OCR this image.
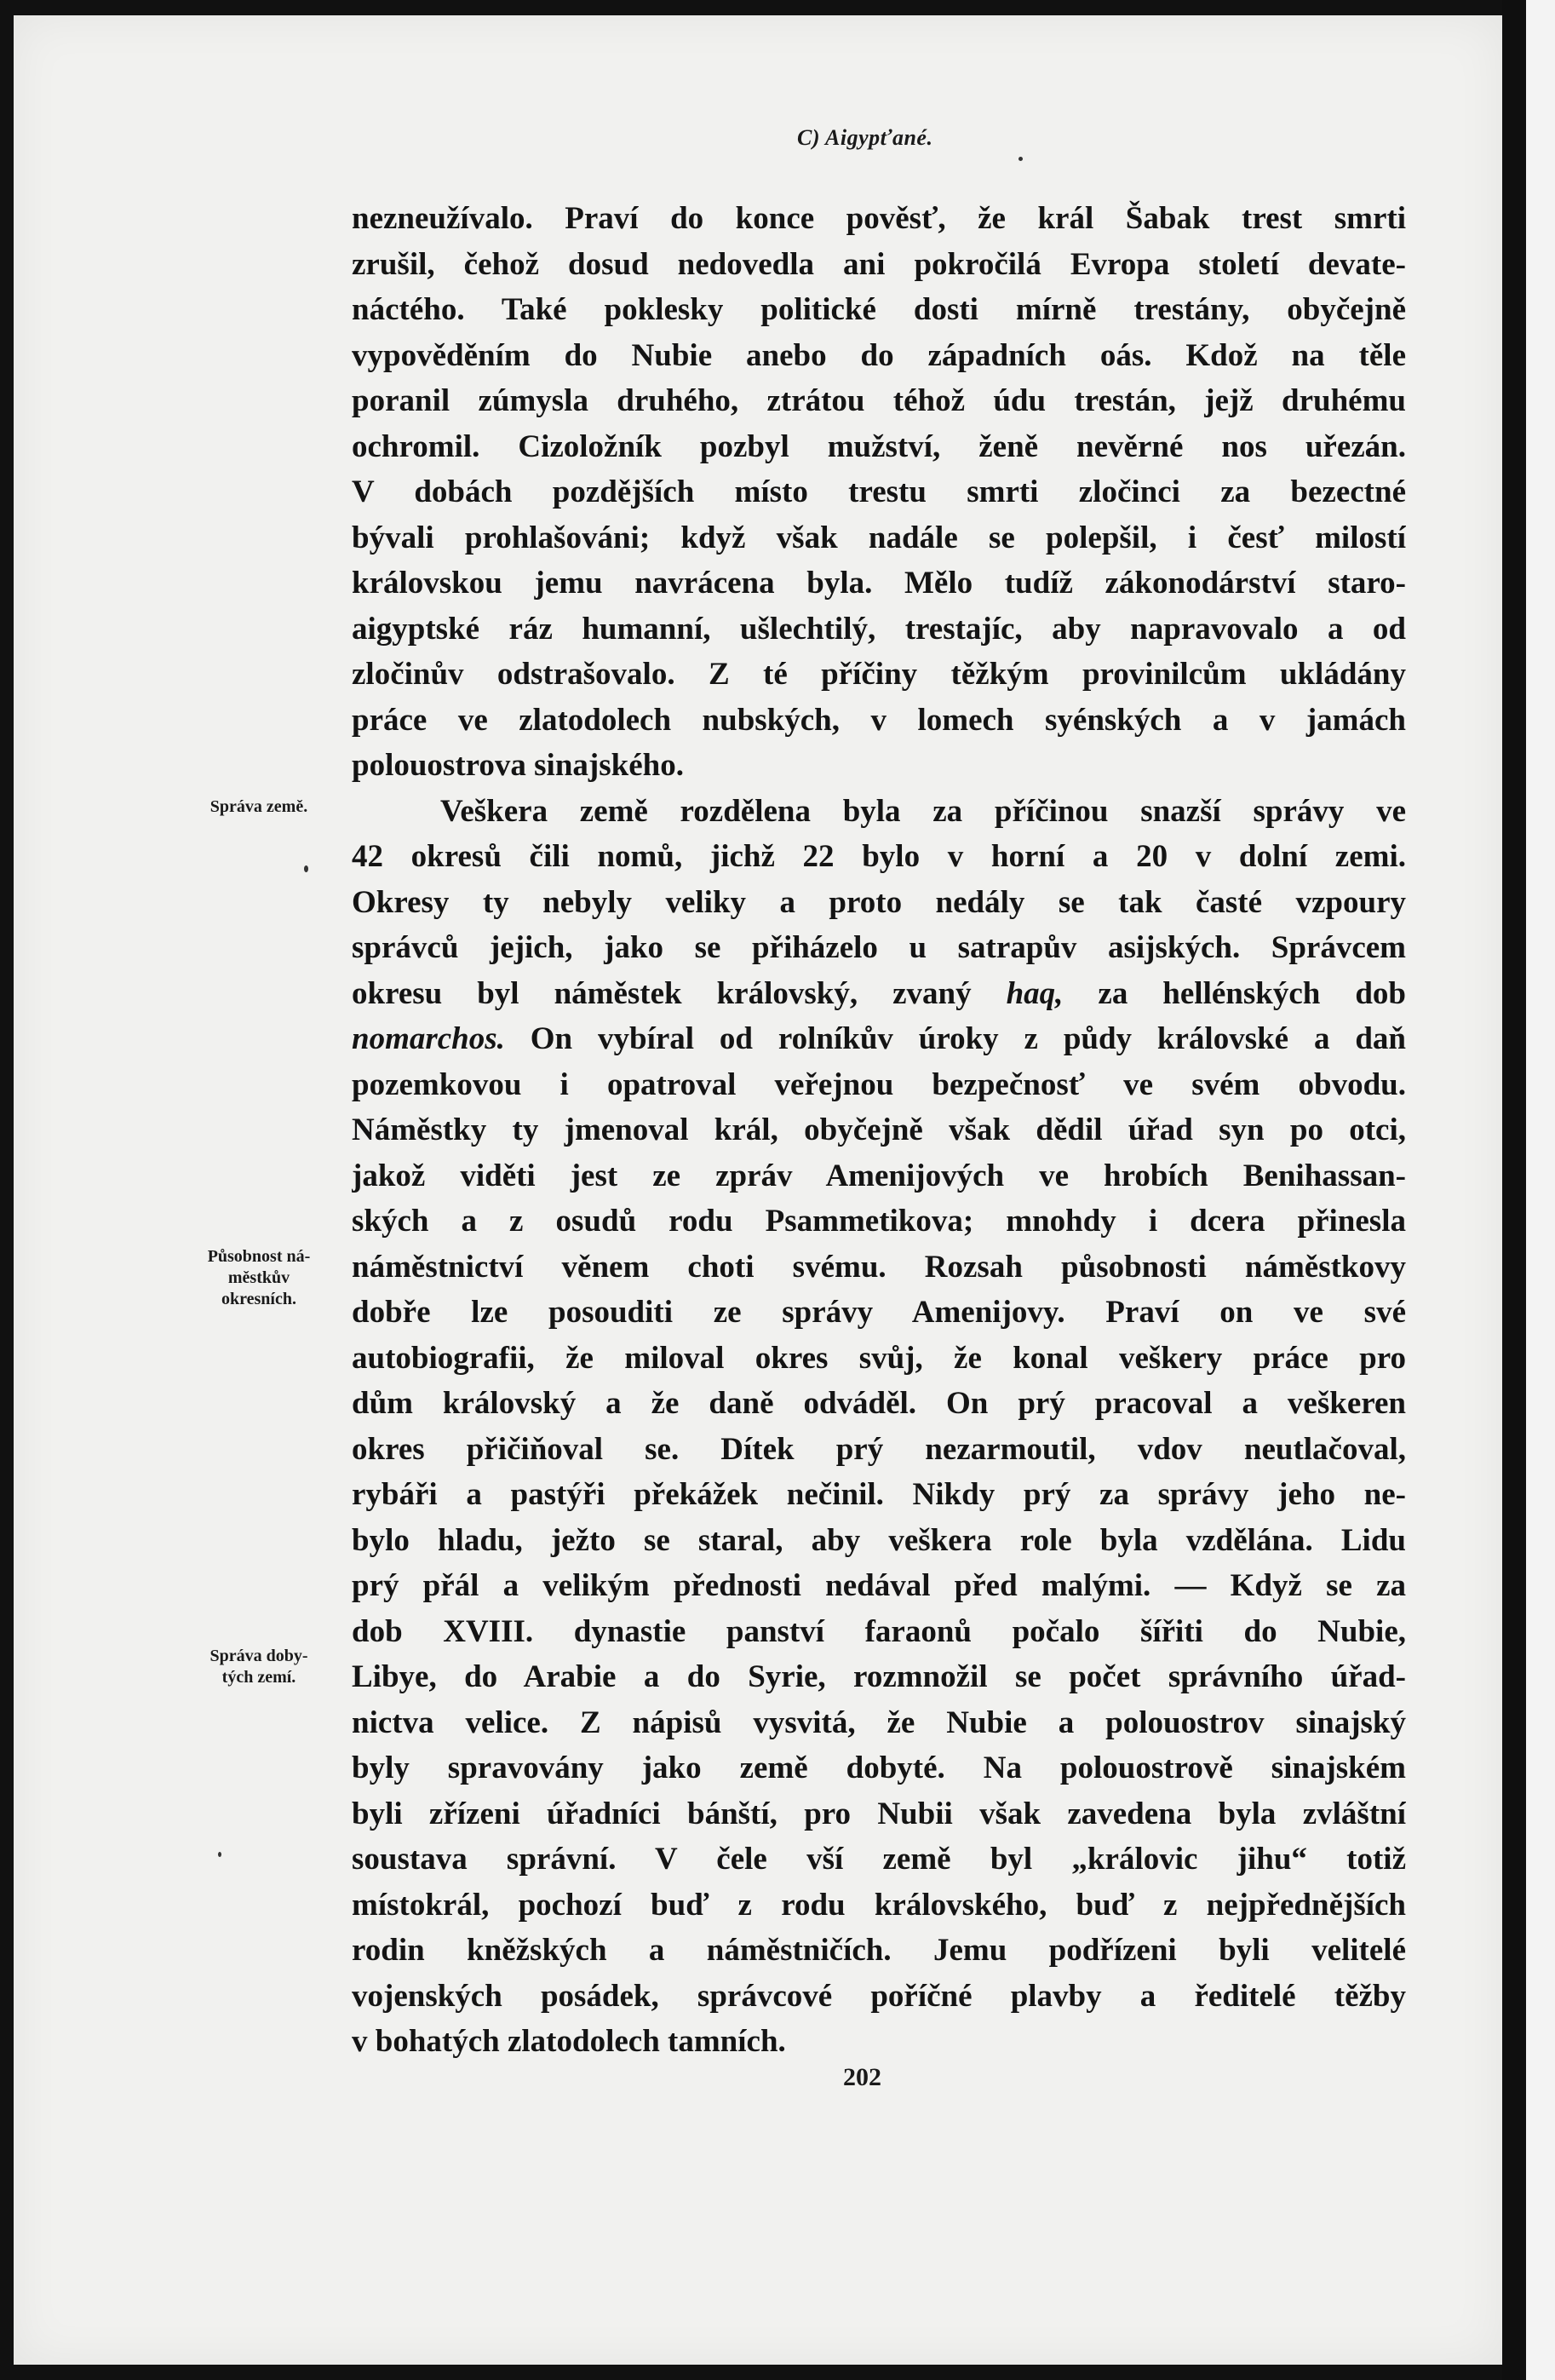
C) Aigypťané.
Správa země.
Působnost ná-
městkův
okresních.
Správa doby-
tých zemí.
nezneužívalo. Praví do konce pověsť, že král Šabak trest smrti
zrušil, čehož dosud nedovedla ani pokročilá Evropa století devate-
náctého. Také poklesky politické dosti mírně trestány, obyčejně
vypověděním do Nubie anebo do západních oás. Kdož na těle
poranil zúmysla druhého, ztrátou téhož údu trestán, jejž druhému
ochromil. Cizoložník pozbyl mužství, ženě nevěrné nos uřezán.
V dobách pozdějších místo trestu smrti zločinci za bezectné
bývali prohlašováni; když však nadále se polepšil, i česť milostí
královskou jemu navrácena byla. Mělo tudíž zákonodárství staro-
aigyptské ráz humanní, ušlechtilý, trestajíc, aby napravovalo a od
zločinův odstrašovalo. Z té příčiny těžkým provinilcům ukládány
práce ve zlatodolech nubských, v lomech syénských a v jamách
polouostrova sinajského.
Veškera země rozdělena byla za příčinou snazší správy ve
42 okresů čili nomů, jichž 22 bylo v horní a 20 v dolní zemi.
Okresy ty nebyly veliky a proto nedály se tak časté vzpoury
správců jejich, jako se přiházelo u satrapův asijských. Správcem
okresu byl náměstek královský, zvaný haq, za hellénských dob
nomarchos. On vybíral od rolníkův úroky z půdy královské a daň
pozemkovou i opatroval veřejnou bezpečnosť ve svém obvodu.
Náměstky ty jmenoval král, obyčejně však dědil úřad syn po otci,
jakož viděti jest ze zpráv Amenijových ve hrobích Benihassan-
ských a z osudů rodu Psammetikova; mnohdy i dcera přinesla
náměstnictví věnem choti svému. Rozsah působnosti náměstkovy
dobře lze posouditi ze správy Amenijovy. Praví on ve své
autobiografii, že miloval okres svůj, že konal veškery práce pro
dům královský a že daně odváděl. On prý pracoval a veškeren
okres přičiňoval se. Dítek prý nezarmoutil, vdov neutlačoval,
rybáři a pastýři překážek nečinil. Nikdy prý za správy jeho ne-
bylo hladu, ježto se staral, aby veškera role byla vzdělána. Lidu
prý přál a velikým přednosti nedával před malými. — Když se za
dob XVIII. dynastie panství faraonů počalo šířiti do Nubie,
Libye, do Arabie a do Syrie, rozmnožil se počet správního úřad-
nictva velice. Z nápisů vysvitá, že Nubie a polouostrov sinajský
byly spravovány jako země dobyté. Na polouostrově sinajském
byli zřízeni úřadníci bánští, pro Nubii však zavedena byla zvláštní
soustava správní. V čele vší země byl „královic jihu“ totiž
místokrál, pochozí buď z rodu královského, buď z nejpřednějších
rodin kněžských a náměstničích. Jemu podřízeni byli velitelé
vojenských posádek, správcové poříčné plavby a ředitelé těžby
v bohatých zlatodolech tamních.
202
